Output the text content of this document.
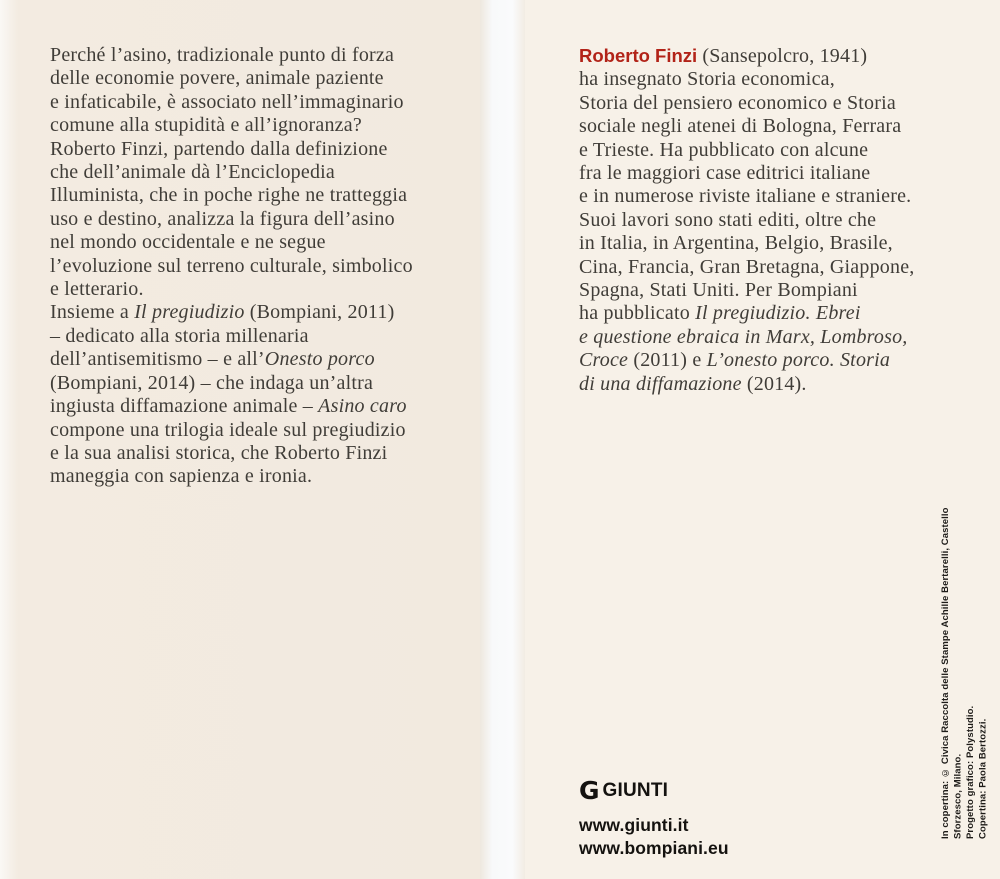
Perché l’asino, tradizionale punto di forza
delle economie povere, animale paziente
e infaticabile, è associato nell’immaginario
comune alla stupidità e all’ignoranza?
Roberto Finzi, partendo dalla definizione
che dell’animale dà l’Enciclopedia
Illuminista, che in poche righe ne tratteggia
uso e destino, analizza la figura dell’asino
nel mondo occidentale e ne segue
l’evoluzione sul terreno culturale, simbolico
e letterario.
Insieme a Il pregiudizio (Bompiani, 2011)
– dedicato alla storia millenaria
dell’antisemitismo – e all’Onesto porco
(Bompiani, 2014) – che indaga un’altra
ingiusta diffamazione animale – Asino caro
compone una trilogia ideale sul pregiudizio
e la sua analisi storica, che Roberto Finzi
maneggia con sapienza e ironia.
Roberto Finzi (Sansepolcro, 1941)
ha insegnato Storia economica,
Storia del pensiero economico e Storia
sociale negli atenei di Bologna, Ferrara
e Trieste. Ha pubblicato con alcune
fra le maggiori case editrici italiane
e in numerose riviste italiane e straniere.
Suoi lavori sono stati editi, oltre che
in Italia, in Argentina, Belgio, Brasile,
Cina, Francia, Gran Bretagna, Giappone,
Spagna, Stati Uniti. Per Bompiani
ha pubblicato Il pregiudizio. Ebrei
e questione ebraica in Marx, Lombroso,
Croce (2011) e L’onesto porco. Storia
di una diffamazione (2014).
G GIUNTI
www.giunti.it
www.bompiani.eu
In copertina: © Civica Raccolta delle Stampe Achille Bertarelli, Castello Sforzesco, Milano. Progetto grafico: Polystudio. Copertina: Paola Bertozzi.
